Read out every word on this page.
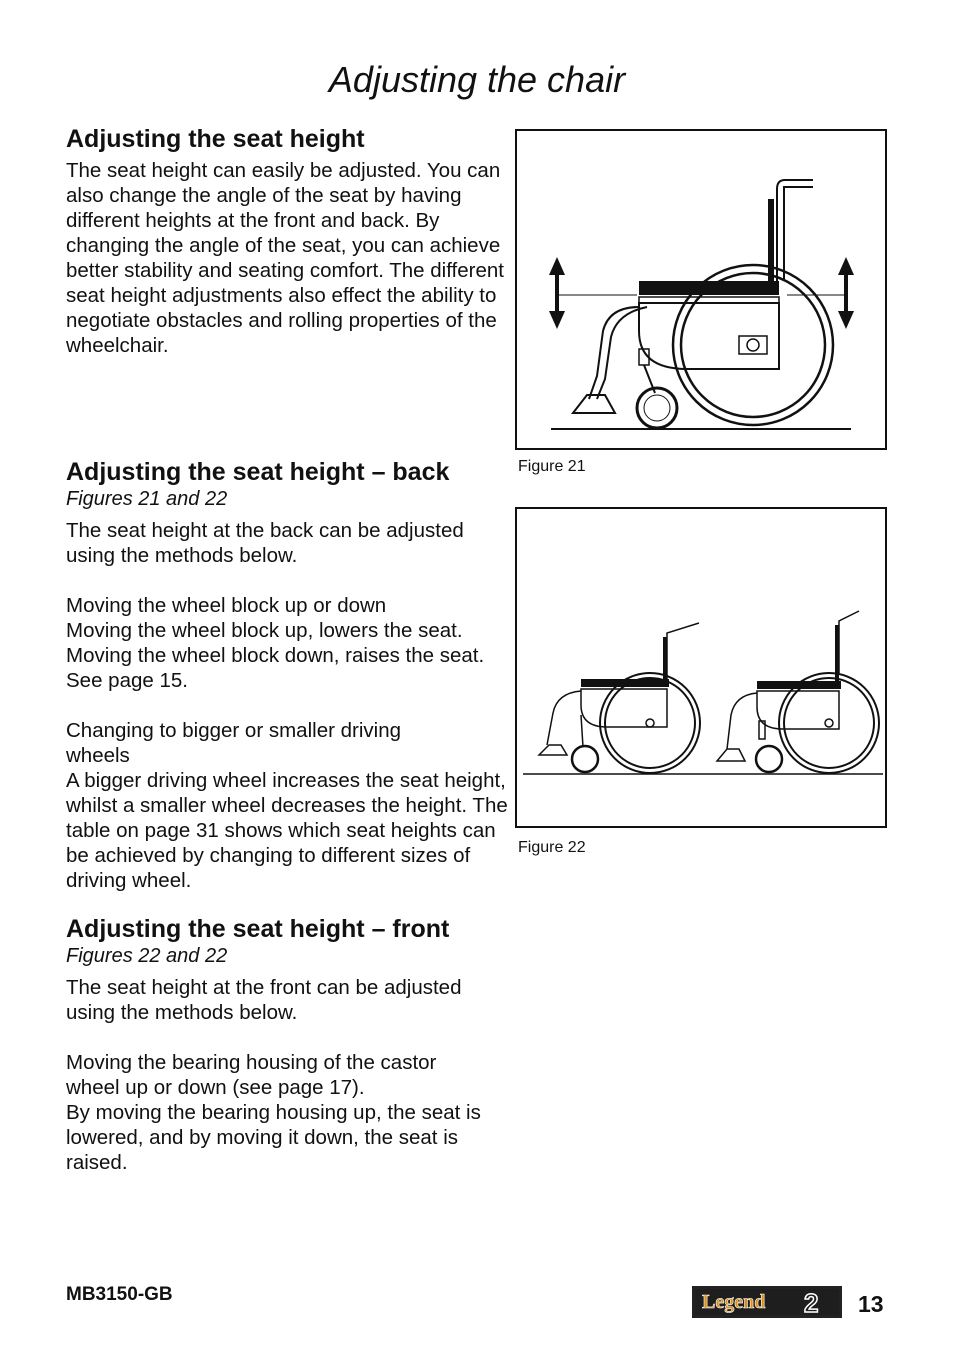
Adjusting the chair
Adjusting the seat height

The seat height can easily be adjusted. You can also change the angle of the seat by having different heights at the front and back. By changing the angle of the seat, you can achieve better stability and seating comfort. The different seat height adjustments also effect the ability to negotiate obstacles and rolling properties of the wheelchair.

Adjusting the seat height – back
Figures 21 and 22

The seat height at the back can be adjusted using the methods below.

Moving the wheel block up or down

Moving the wheel block up, lowers the seat. Moving the wheel block down, raises the seat. See page 15.

Changing to bigger or smaller driving wheels

A bigger driving wheel increases the seat height, whilst a smaller wheel decreases the height. The table on page 31 shows which seat heights can be achieved by changing to different sizes of driving wheel.

Adjusting the seat height – front
Figures 22 and 22

The seat height at the front can be adjusted using the methods below.

Moving the bearing housing of the castor wheel up or down (see page 17).

By moving the bearing housing up, the seat is lowered, and by moving it down, the seat is raised.

Figure 21
Figure 22
MB3150-GB	Legend 2 13
